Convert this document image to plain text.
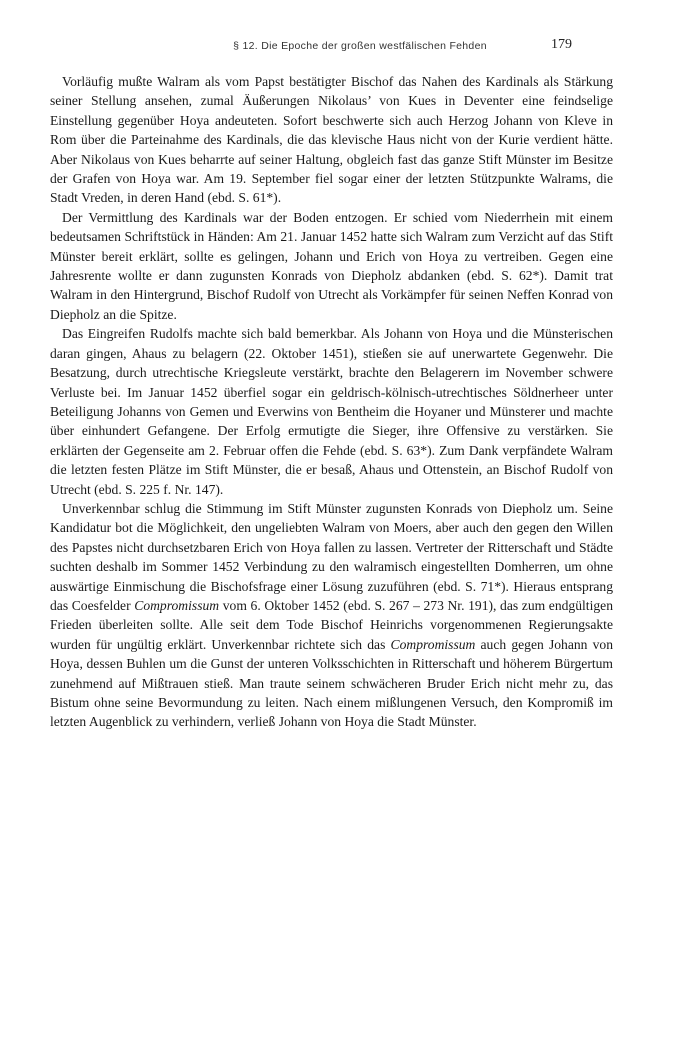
§ 12. Die Epoche der großen westfälischen Fehden	179

Vorläufig mußte Walram als vom Papst bestätigter Bischof das Nahen des Kardinals als Stärkung seiner Stellung ansehen, zumal Äußerungen Nikolaus’ von Kues in Deventer eine feindselige Einstellung gegenüber Hoya andeuteten. Sofort beschwerte sich auch Herzog Johann von Kleve in Rom über die Parteinahme des Kardinals, die das klevische Haus nicht von der Kurie verdient hätte. Aber Nikolaus von Kues beharrte auf seiner Haltung, obgleich fast das ganze Stift Münster im Besitze der Grafen von Hoya war. Am 19. September fiel sogar einer der letzten Stützpunkte Walrams, die Stadt Vreden, in deren Hand (ebd. S. 61*).

Der Vermittlung des Kardinals war der Boden entzogen. Er schied vom Niederrhein mit einem bedeutsamen Schriftstück in Händen: Am 21. Januar 1452 hatte sich Walram zum Verzicht auf das Stift Münster bereit erklärt, sollte es gelingen, Johann und Erich von Hoya zu vertreiben. Gegen eine Jahresrente wollte er dann zugunsten Konrads von Diepholz abdanken (ebd. S. 62*). Damit trat Walram in den Hintergrund, Bischof Rudolf von Utrecht als Vorkämpfer für seinen Neffen Konrad von Diepholz an die Spitze.

Das Eingreifen Rudolfs machte sich bald bemerkbar. Als Johann von Hoya und die Münsterischen daran gingen, Ahaus zu belagern (22. Oktober 1451), stießen sie auf unerwartete Gegenwehr. Die Besatzung, durch utrechtische Kriegsleute verstärkt, brachte den Belagerern im November schwere Verluste bei. Im Januar 1452 überfiel sogar ein geldrisch-kölnisch-utrechtisches Söldnerheer unter Beteiligung Johanns von Gemen und Everwins von Bentheim die Hoyaner und Münsterer und machte über einhundert Gefangene. Der Erfolg ermutigte die Sieger, ihre Offensive zu verstärken. Sie erklärten der Gegenseite am 2. Februar offen die Fehde (ebd. S. 63*). Zum Dank verpfändete Walram die letzten festen Plätze im Stift Münster, die er besaß, Ahaus und Ottenstein, an Bischof Rudolf von Utrecht (ebd. S. 225 f. Nr. 147).

Unverkennbar schlug die Stimmung im Stift Münster zugunsten Konrads von Diepholz um. Seine Kandidatur bot die Möglichkeit, den ungeliebten Walram von Moers, aber auch den gegen den Willen des Papstes nicht durchsetzbaren Erich von Hoya fallen zu lassen. Vertreter der Ritterschaft und Städte suchten deshalb im Sommer 1452 Verbindung zu den walramisch eingestellten Domherren, um ohne auswärtige Einmischung die Bischofsfrage einer Lösung zuzuführen (ebd. S. 71*). Hieraus entsprang das Coesfelder Compromissum vom 6. Oktober 1452 (ebd. S. 267 – 273 Nr. 191), das zum endgültigen Frieden überleiten sollte. Alle seit dem Tode Bischof Heinrichs vorgenommenen Regierungsakte wurden für ungültig erklärt. Unverkennbar richtete sich das Compromissum auch gegen Johann von Hoya, dessen Buhlen um die Gunst der unteren Volksschichten in Ritterschaft und höherem Bürgertum zunehmend auf Mißtrauen stieß. Man traute seinem schwächeren Bruder Erich nicht mehr zu, das Bistum ohne seine Bevormundung zu leiten. Nach einem mißlungenen Versuch, den Kompromiß im letzten Augenblick zu verhindern, verließ Johann von Hoya die Stadt Münster.
